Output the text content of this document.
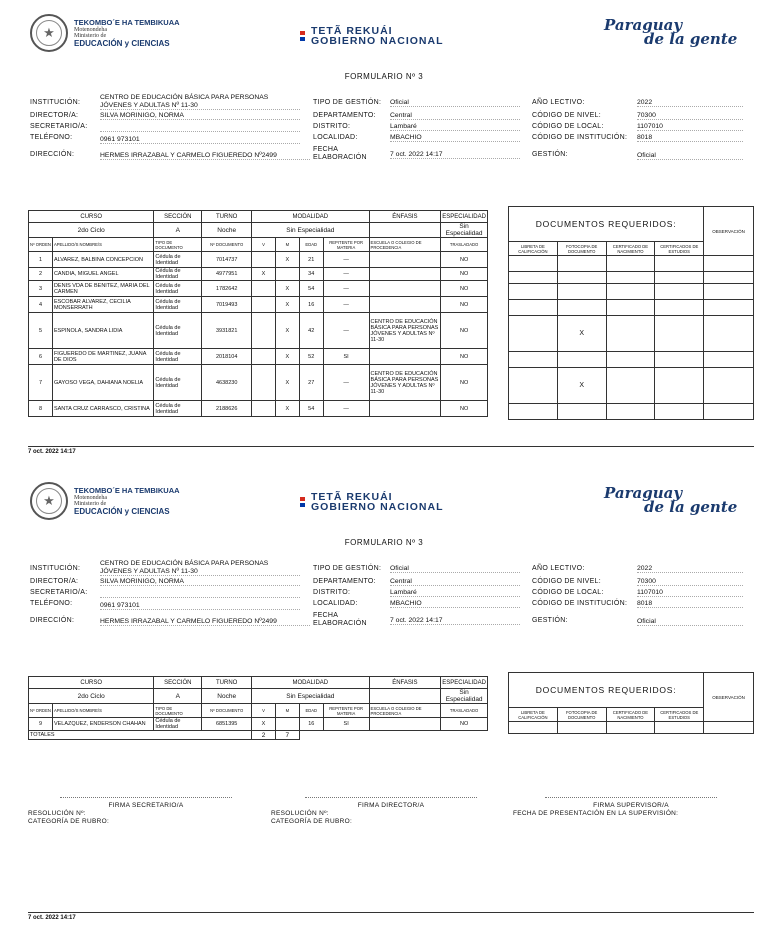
★
TEKOMBO´E HA TEMBIKUAA
Motenondeha
Ministerio de
EDUCACIÓN y CIENCIAS
TETÃ REKUÁI
GOBIERNO NACIONAL
Paraguay
de la gente
FORMULARIO Nº 3
INSTITUCIÓN:
CENTRO DE EDUCACIÓN BÁSICA PARA PERSONAS JÓVENES Y ADULTAS Nº 11-30
DIRECTOR/A:	SILVA MORINIGO, NORMA
SECRETARIO/A:
TELÉFONO:	0961 973101
DIRECCIÓN:	HERMES IRRAZABAL Y CARMELO FIGUEREDO Nº2499
TIPO DE GESTIÓN: Oficial
DEPARTAMENTO: Central
DISTRITO:	Lambaré
LOCALIDAD:	MBACHIO
FECHA ELABORACIÓN	7 oct. 2022 14:17
AÑO LECTIVO:	2022
CÓDIGO DE NIVEL:	70300
CÓDIGO DE LOCAL:	1107010
CÓDIGO DE INSTITUCIÓN: 8018
GESTIÓN:	Oficial
CURSO		SECCIÓN	TURNO	MODALIDAD				ÉNFASIS	ESPECIALIDAD
2do Ciclo		A	Noche	Sin Especialidad					Sin Especialidad
Nº ORDEN	APELLIDO/S NOMBRE/S	TIPO DE DOCUMENTO	Nº DOCUMENTO	V	M	EDAD	REPITENTE POR MATERIA	ESCUELA O COLEGIO DE PROCEDENCIA	TRASLADADO
1	ALVAREZ, BALBINA CONCEPCION	Cédula de Identidad	7014737		X	21	—		NO
2	CANDIA, MIGUEL ANGEL	Cédula de Identidad	4977951	X		34	—		NO
3	DENIS VDA DE BENITEZ, MARIA DEL CARMEN	Cédula de Identidad	1782642		X	54	—		NO
4	ESCOBAR ALVAREZ, CECILIA MONSERRATH	Cédula de Identidad	7019493		X	16	—		NO
5	ESPINOLA, SANDRA LIDIA	Cédula de Identidad	3931821		X	42	—	CENTRO DE EDUCACIÓN BÁSICA PARA PERSONAS JÓVENES Y ADULTAS Nº 11-30	NO
6	FIGUEREDO DE MARTINEZ, JUANA DE DIOS	Cédula de Identidad	2018104		X	52	SI		NO
7	GAYOSO VEGA, DAHIANA NOELIA	Cédula de Identidad	4638230		X	27	—	CENTRO DE EDUCACIÓN BÁSICA PARA PERSONAS JÓVENES Y ADULTAS Nº 11-30	NO
8	SANTA CRUZ CARRASCO, CRISTINA	Cédula de Identidad	2188626		X	54	—		NO
DOCUMENTOS REQUERIDOS:				OBSERVACIÓN
LIBRETA DE CALIFICACIÓN	FOTOCOPIA DE DOCUMENTO	CERTIFICADO DE NACIMIENTO	CERTIFICADOS DE ESTUDIOS	

	X			

	X			

7 oct. 2022 14:17
★
TEKOMBO´E HA TEMBIKUAA
Motenondeha
Ministerio de
EDUCACIÓN y CIENCIAS
TETÃ REKUÁI
GOBIERNO NACIONAL
Paraguay
de la gente
FORMULARIO Nº 3
INSTITUCIÓN:
CENTRO DE EDUCACIÓN BÁSICA PARA PERSONAS JÓVENES Y ADULTAS Nº 11-30
DIRECTOR/A:	SILVA MORINIGO, NORMA
SECRETARIO/A:
TELÉFONO:	0961 973101
DIRECCIÓN:	HERMES IRRAZABAL Y CARMELO FIGUEREDO Nº2499
TIPO DE GESTIÓN: Oficial
DEPARTAMENTO: Central
DISTRITO:	Lambaré
LOCALIDAD:	MBACHIO
FECHA ELABORACIÓN	7 oct. 2022 14:17
AÑO LECTIVO:	2022
CÓDIGO DE NIVEL:	70300
CÓDIGO DE LOCAL:	1107010
CÓDIGO DE INSTITUCIÓN: 8018
GESTIÓN:	Oficial
CURSO		SECCIÓN	TURNO	MODALIDAD				ÉNFASIS	ESPECIALIDAD
2do Ciclo		A	Noche	Sin Especialidad					Sin Especialidad
Nº ORDEN	APELLIDO/S NOMBRE/S	TIPO DE DOCUMENTO	Nº DOCUMENTO	V	M	EDAD	REPITENTE POR MATERIA	ESCUELA O COLEGIO DE PROCEDENCIA	TRASLADADO
9	VELAZQUEZ, ENDERSON CHAHAN	Cédula de Identidad	6851395	X		16	SI		NO
TOTALES				2	7				
DOCUMENTOS REQUERIDOS:				OBSERVACIÓN
LIBRETA DE CALIFICACIÓN	FOTOCOPIA DE DOCUMENTO	CERTIFICADO DE NACIMIENTO	CERTIFICADOS DE ESTUDIOS	

FIRMA SECRETARIO/A
RESOLUCIÓN Nº:
CATEGORÍA DE RUBRO:
FIRMA DIRECTOR/A
RESOLUCIÓN Nº:
CATEGORÍA DE RUBRO:
FIRMA SUPERVISOR/A
FECHA DE PRESENTACIÓN EN LA SUPERVISIÓN:
7 oct. 2022 14:17
